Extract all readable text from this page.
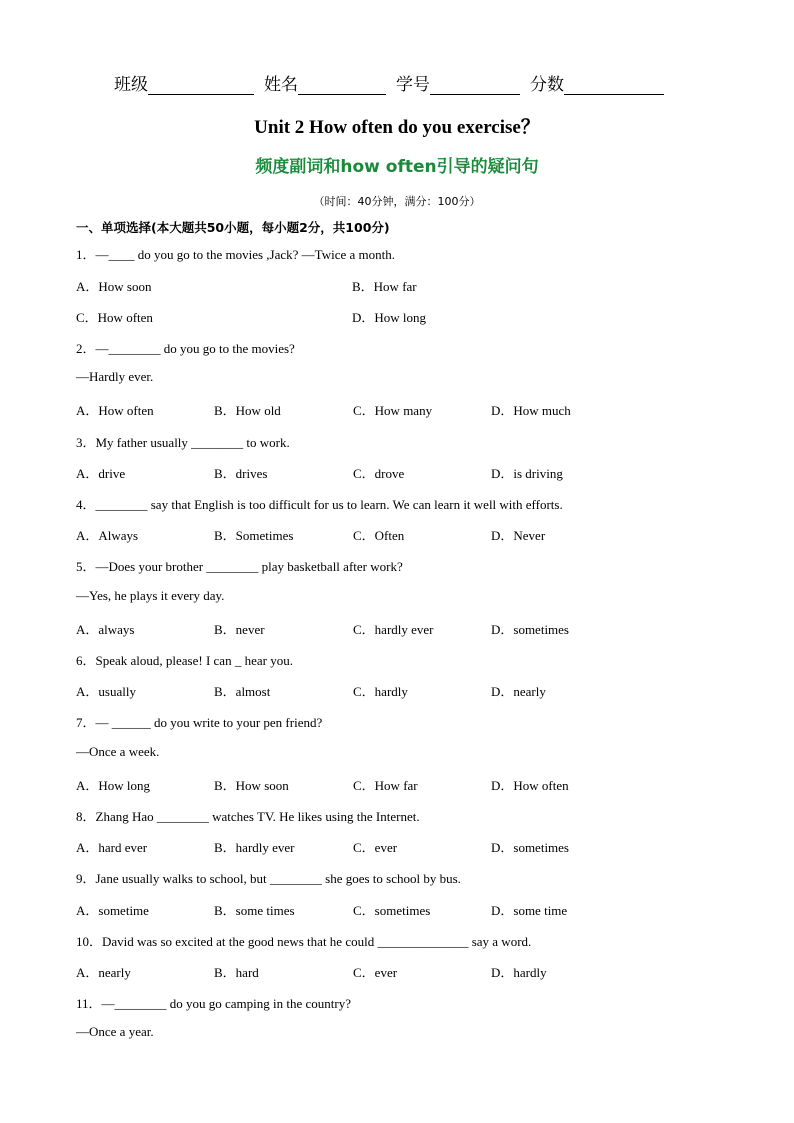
班级	姓名	学号	分数
Unit 2 How often do you exercise？
频度副词和how often引导的疑问句
（时间：40分钟，满分：100分）
一、单项选择(本大题共50小题，每小题2分，共100分)
1．—____ do you go to the movies ,Jack? —Twice a month.
A．How soon	B．How far
C．How often	D．How long
2．—________ do you go to the movies?
—Hardly ever.
A．How often	B．How old	C．How many	D．How much
3．My father usually ________ to work.
A．drive	B．drives	C．drove	D．is driving
4．________ say that English is too difficult for us to learn. We can learn it well with efforts.
A．Always	B．Sometimes	C．Often	D．Never
5．—Does your brother ________ play basketball after work?
—Yes, he plays it every day.
A．always	B．never	C．hardly ever	D．sometimes
6．Speak aloud, please! I can _ hear you.
A．usually	B．almost	C．hardly	D．nearly
7．— ______ do you write to your pen friend?
—Once a week.
A．How long	B．How soon	C．How far	D．How often
8．Zhang Hao ________ watches TV. He likes using the Internet.
A．hard ever	B．hardly ever	C．ever	D．sometimes
9．Jane usually walks to school, but ________ she goes to school by bus.
A．sometime	B．some times	C．sometimes	D．some time
10．David was so excited at the good news that he could ______________ say a word.
A．nearly	B．hard	C．ever	D．hardly
11．—________ do you go camping in the country?
—Once a year.
